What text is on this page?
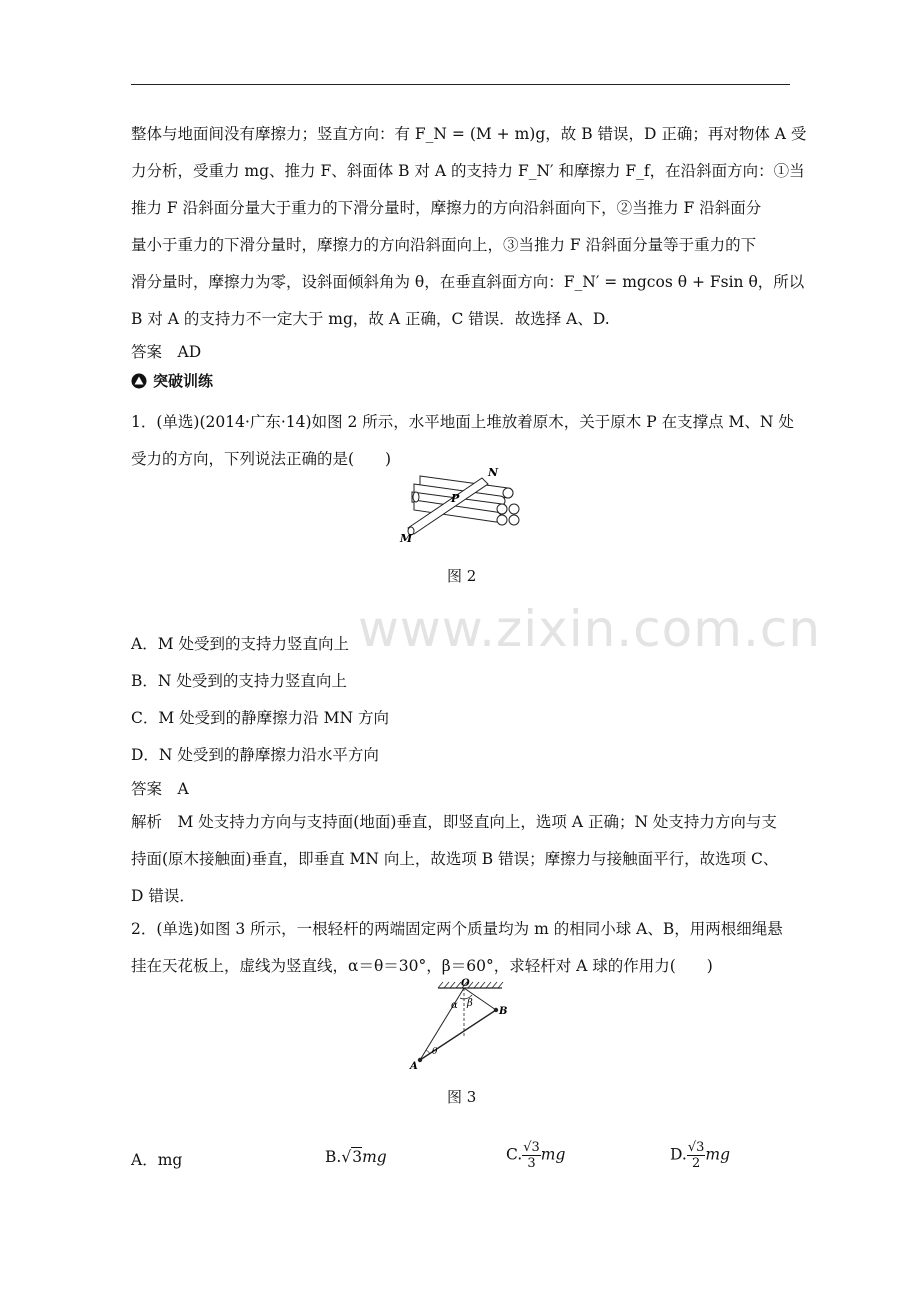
www.zixin.com.cn
整体与地面间没有摩擦力；竖直方向：有 F_N = (M + m)g，故 B 错误，D 正确；再对物体 A 受
力分析，受重力 mg、推力 F、斜面体 B 对 A 的支持力 F_N′ 和摩擦力 F_f，在沿斜面方向：①当
推力 F 沿斜面分量大于重力的下滑分量时，摩擦力的方向沿斜面向下，②当推力 F 沿斜面分
量小于重力的下滑分量时，摩擦力的方向沿斜面向上，③当推力 F 沿斜面分量等于重力的下
滑分量时，摩擦力为零，设斜面倾斜角为 θ，在垂直斜面方向：F_N′ = mgcos θ + Fsin θ，所以
B 对 A 的支持力不一定大于 mg，故 A 正确，C 错误．故选择 A、D.
答案　AD
突破训练
1．(单选)(2014·广东·14)如图 2 所示，水平地面上堆放着原木，关于原木 P 在支撑点 M、N 处
受力的方向，下列说法正确的是(　　)
N
P
M
图 2
A．M 处受到的支持力竖直向上
B．N 处受到的支持力竖直向上
C．M 处受到的静摩擦力沿 MN 方向
D．N 处受到的静摩擦力沿水平方向
答案　A
解析　M 处支持力方向与支持面(地面)垂直，即竖直向上，选项 A 正确；N 处支持力方向与支
持面(原木接触面)垂直，即垂直 MN 向上，故选项 B 错误；摩擦力与接触面平行，故选项 C、
D 错误．
2．(单选)如图 3 所示，一根轻杆的两端固定两个质量均为 m 的相同小球 A、B，用两根细绳悬
挂在天花板上，虚线为竖直线，α＝θ＝30°，β＝60°，求轻杆对 A 球的作用力(　　)
O
α β
θ
B
A
图 3
A．mg	B.√3mg	C. $\frac{√3}{3}$ mg	D. $\frac{√3}{2}$ mg
